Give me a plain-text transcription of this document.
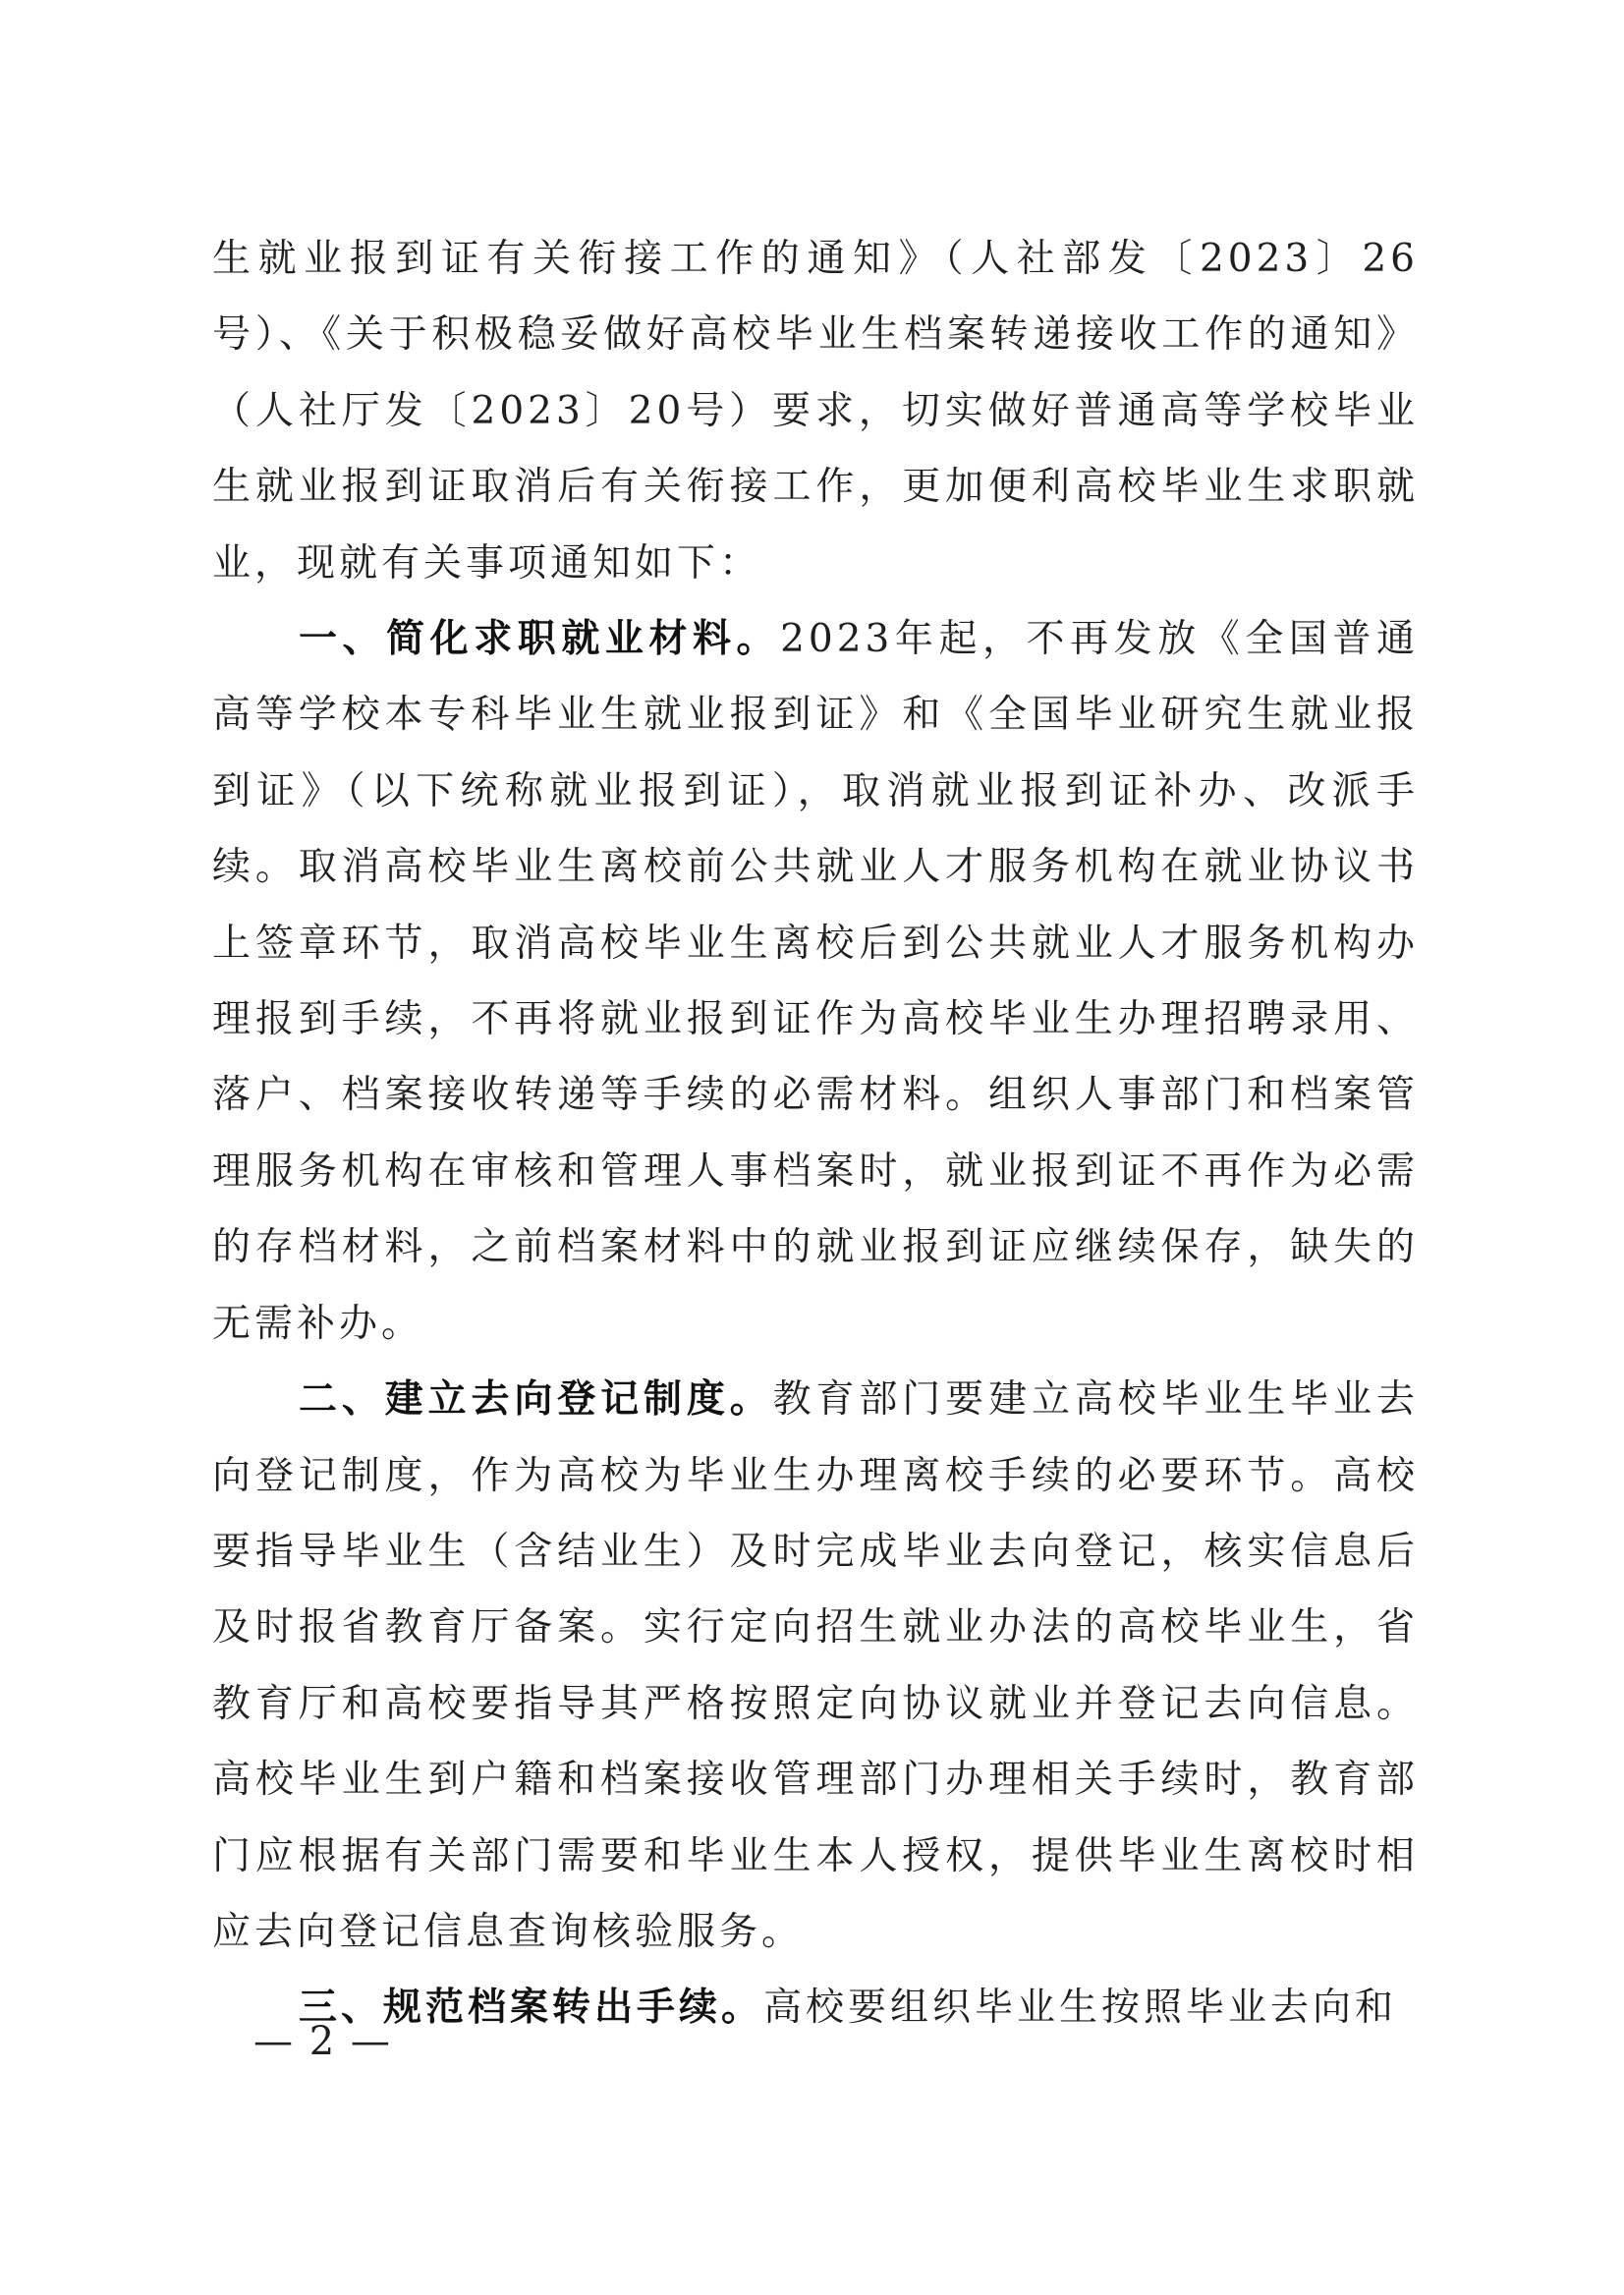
生就业报到证有关衔接工作的通知》（人社部发〔2023〕26号）、《关于积极稳妥做好高校毕业生档案转递接收工作的通知》（人社厅发〔2023〕20号）要求，切实做好普通高等学校毕业生就业报到证取消后有关衔接工作，更加便利高校毕业生求职就业，现就有关事项通知如下：

一、简化求职就业材料。2023年起，不再发放《全国普通高等学校本专科毕业生就业报到证》和《全国毕业研究生就业报到证》（以下统称就业报到证），取消就业报到证补办、改派手续。取消高校毕业生离校前公共就业人才服务机构在就业协议书上签章环节，取消高校毕业生离校后到公共就业人才服务机构办理报到手续，不再将就业报到证作为高校毕业生办理招聘录用、落户、档案接收转递等手续的必需材料。组织人事部门和档案管理服务机构在审核和管理人事档案时，就业报到证不再作为必需的存档材料，之前档案材料中的就业报到证应继续保存，缺失的无需补办。

二、建立去向登记制度。教育部门要建立高校毕业生毕业去向登记制度，作为高校为毕业生办理离校手续的必要环节。高校要指导毕业生（含结业生）及时完成毕业去向登记，核实信息后及时报省教育厅备案。实行定向招生就业办法的高校毕业生，省教育厅和高校要指导其严格按照定向协议就业并登记去向信息。高校毕业生到户籍和档案接收管理部门办理相关手续时，教育部门应根据有关部门需要和毕业生本人授权，提供毕业生离校时相应去向登记信息查询核验服务。

三、规范档案转出手续。高校要组织毕业生按照毕业去向和

— 2 —
